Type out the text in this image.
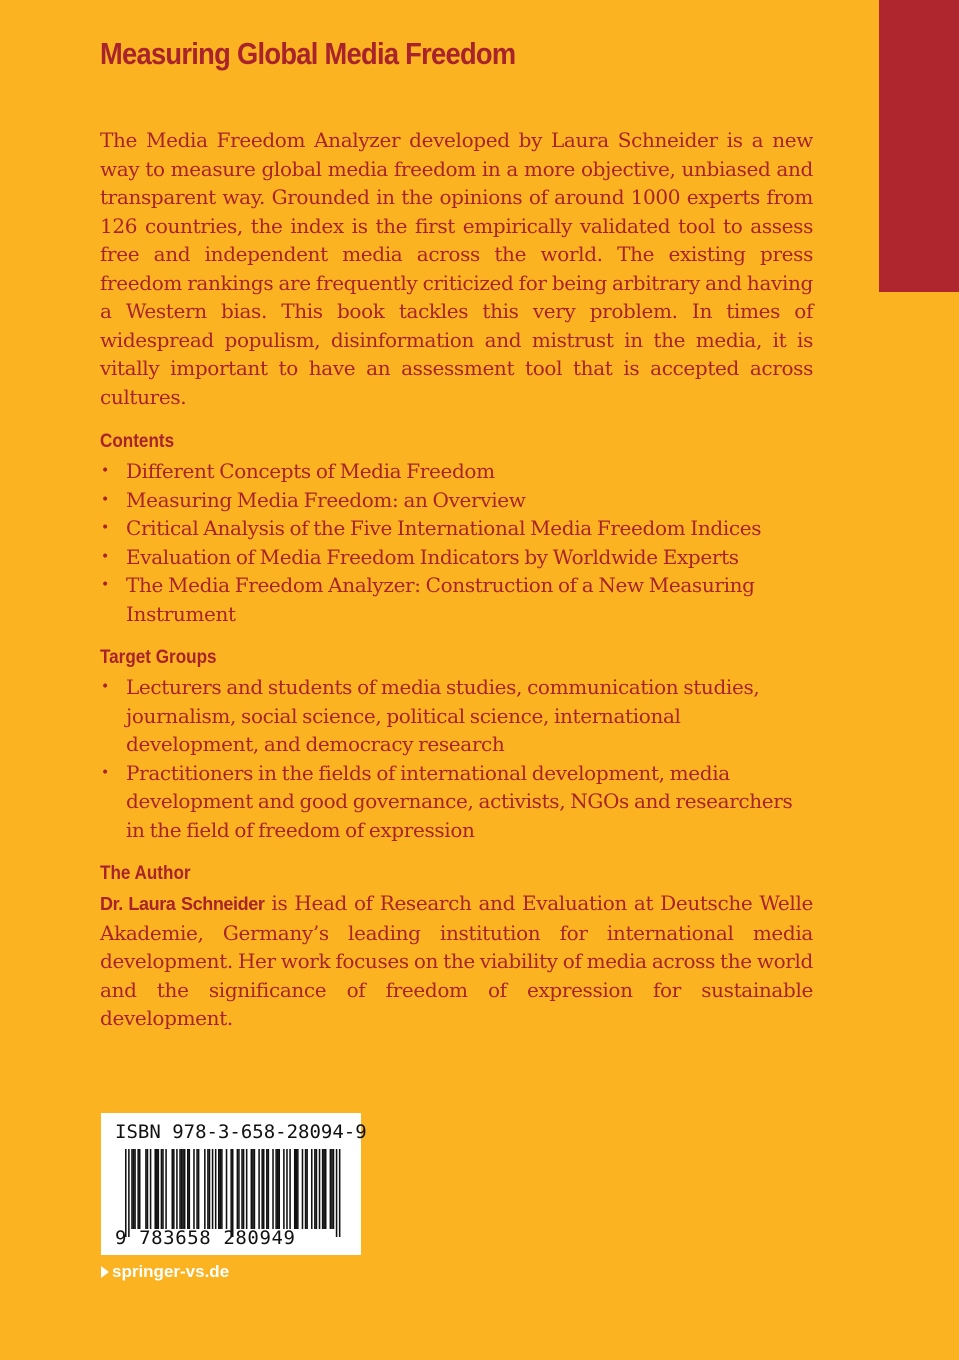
Measuring Global Media Freedom

The Media Freedom Analyzer developed by Laura Schneider is a new way to measure global media freedom in a more objective, unbiased and transparent way. Grounded in the opinions of around 1000 experts from 126 countries, the index is the first empirically validated tool to assess free and independent media across the world. The existing press freedom rankings are frequently criticized for being arbitrary and having a Western bias. This book tackles this very problem. In times of widespread populism, disinformation and mistrust in the media, it is vitally important to have an assessment tool that is accepted across cultures.

Contents
• Different Concepts of Media Freedom
• Measuring Media Freedom: an Overview
• Critical Analysis of the Five International Media Freedom Indices
• Evaluation of Media Freedom Indicators by Worldwide Experts
• The Media Freedom Analyzer: Construction of a New Measuring Instrument
Target Groups
• Lecturers and students of media studies, communication studies, journalism, social science, political science, international development, and democracy research
• Practitioners in the fields of international development, media development and good governance, activists, NGOs and researchers in the field of freedom of expression
The Author

Dr. Laura Schneider is Head of Research and Evaluation at Deutsche Welle Akademie, Germany’s leading institution for international media development. Her work focuses on the viability of media across the world and the significance of freedom of expression for sustainable development.

ISBN 978-3-658-28094-9
9 783658 280949
springer-vs.de
